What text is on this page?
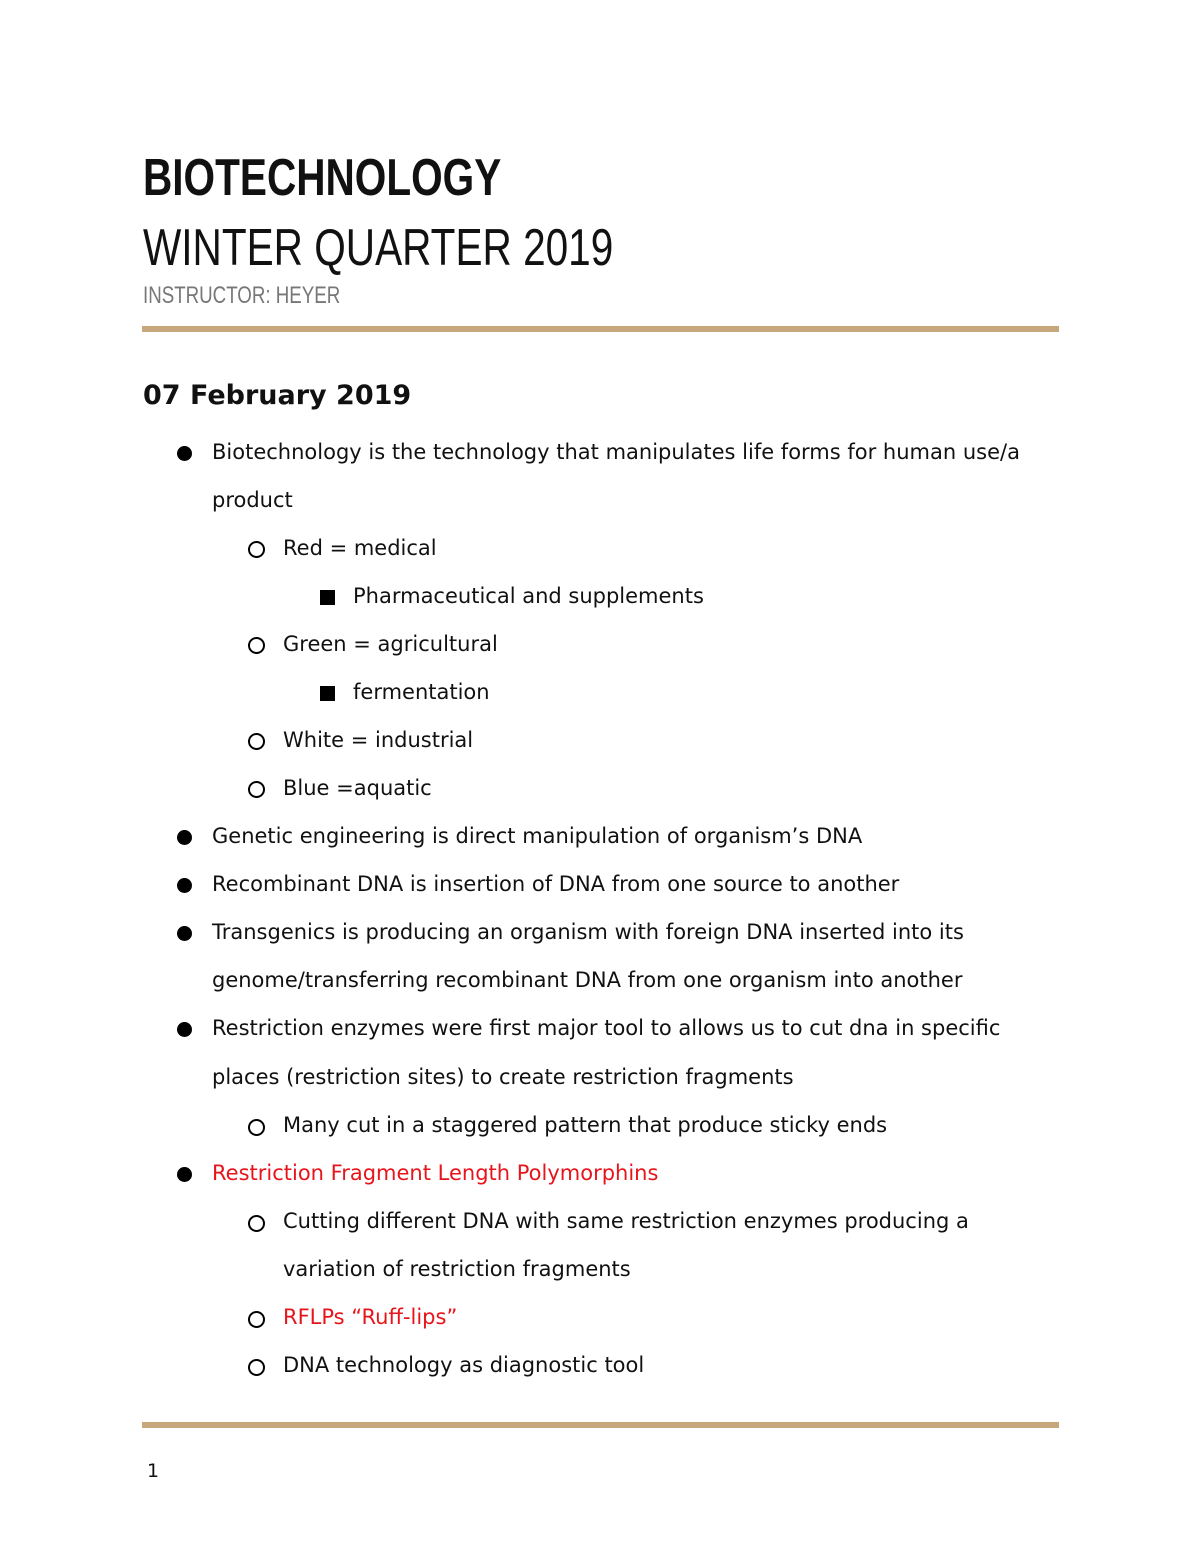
BIOTECHNOLOGY
WINTER QUARTER 2019
INSTRUCTOR: HEYER
07 February 2019
Biotechnology is the technology that manipulates life forms for human use/a
product
Red = medical
Pharmaceutical and supplements
Green = agricultural
fermentation
White = industrial
Blue =aquatic
Genetic engineering is direct manipulation of organism’s DNA
Recombinant DNA is insertion of DNA from one source to another
Transgenics is producing an organism with foreign DNA inserted into its
genome/transferring recombinant DNA from one organism into another
Restriction enzymes were first major tool to allows us to cut dna in specific
places (restriction sites) to create restriction fragments
Many cut in a staggered pattern that produce sticky ends
Restriction Fragment Length Polymorphins
Cutting different DNA with same restriction enzymes producing a
variation of restriction fragments
RFLPs “Ruff-lips”
DNA technology as diagnostic tool
1
